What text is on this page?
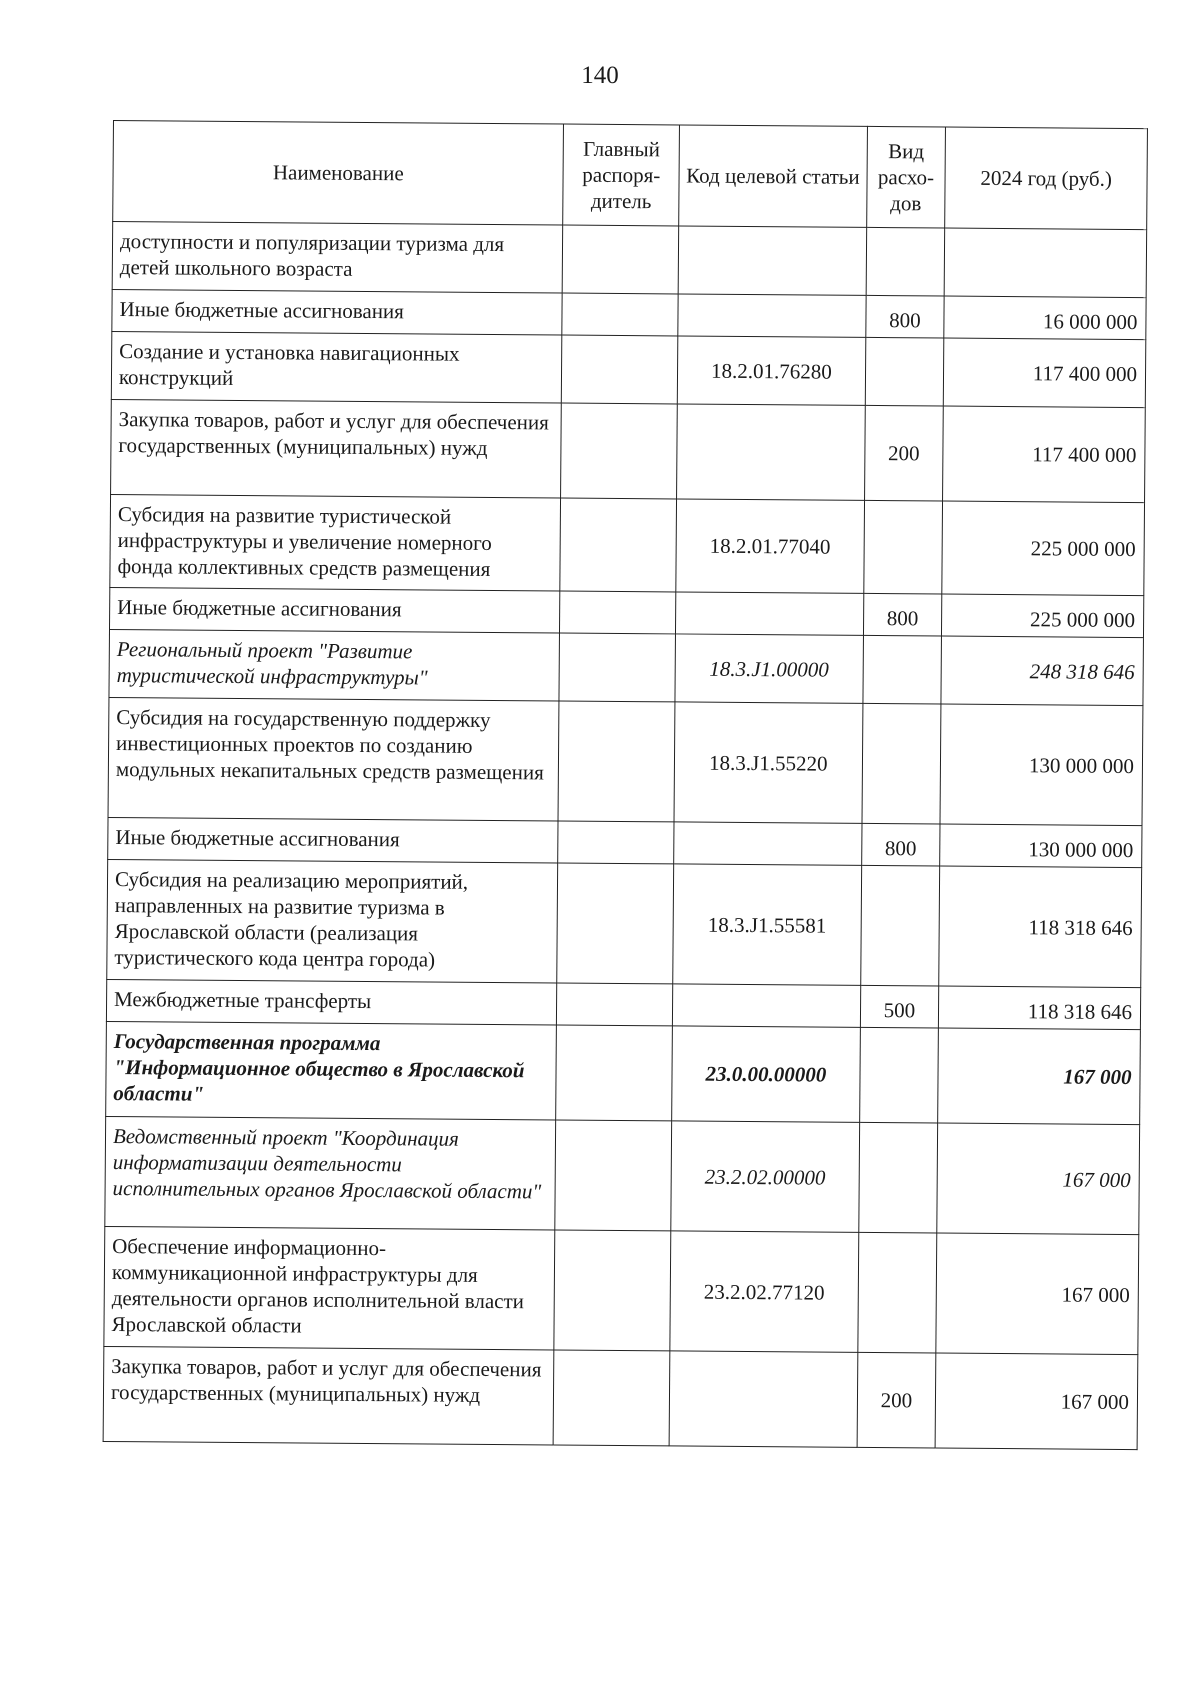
140
Наименование	Главный распоря-дитель	Код целевой статьи	Вид расхо-дов	2024 год (руб.)
доступности и популяризации туризма для детей школьного возраста				
Иные бюджетные ассигнования			800	16 000 000
Создание и установка навигационных конструкций		18.2.01.76280		117 400 000
Закупка товаров, работ и услуг для обеспечения государственных (муниципальных) нужд			200	117 400 000
Субсидия на развитие туристической инфраструктуры и увеличение номерного фонда коллективных средств размещения		18.2.01.77040		225 000 000
Иные бюджетные ассигнования			800	225 000 000
Региональный проект "Развитие туристической инфраструктуры"		18.3.J1.00000		248 318 646
Субсидия на государственную поддержку инвестиционных проектов по созданию модульных некапитальных средств размещения		18.3.J1.55220		130 000 000
Иные бюджетные ассигнования			800	130 000 000
Субсидия на реализацию мероприятий, направленных на развитие туризма в Ярославской области (реализация туристического кода центра города)		18.3.J1.55581		118 318 646
Межбюджетные трансферты			500	118 318 646
Государственная программа "Информационное общество в Ярославской области"		23.0.00.00000		167 000
Ведомственный проект "Координация информатизации деятельности исполнительных органов Ярославской области"		23.2.02.00000		167 000
Обеспечение информационно-коммуникационной инфраструктуры для деятельности органов исполнительной власти Ярославской области		23.2.02.77120		167 000
Закупка товаров, работ и услуг для обеспечения государственных (муниципальных) нужд			200	167 000
